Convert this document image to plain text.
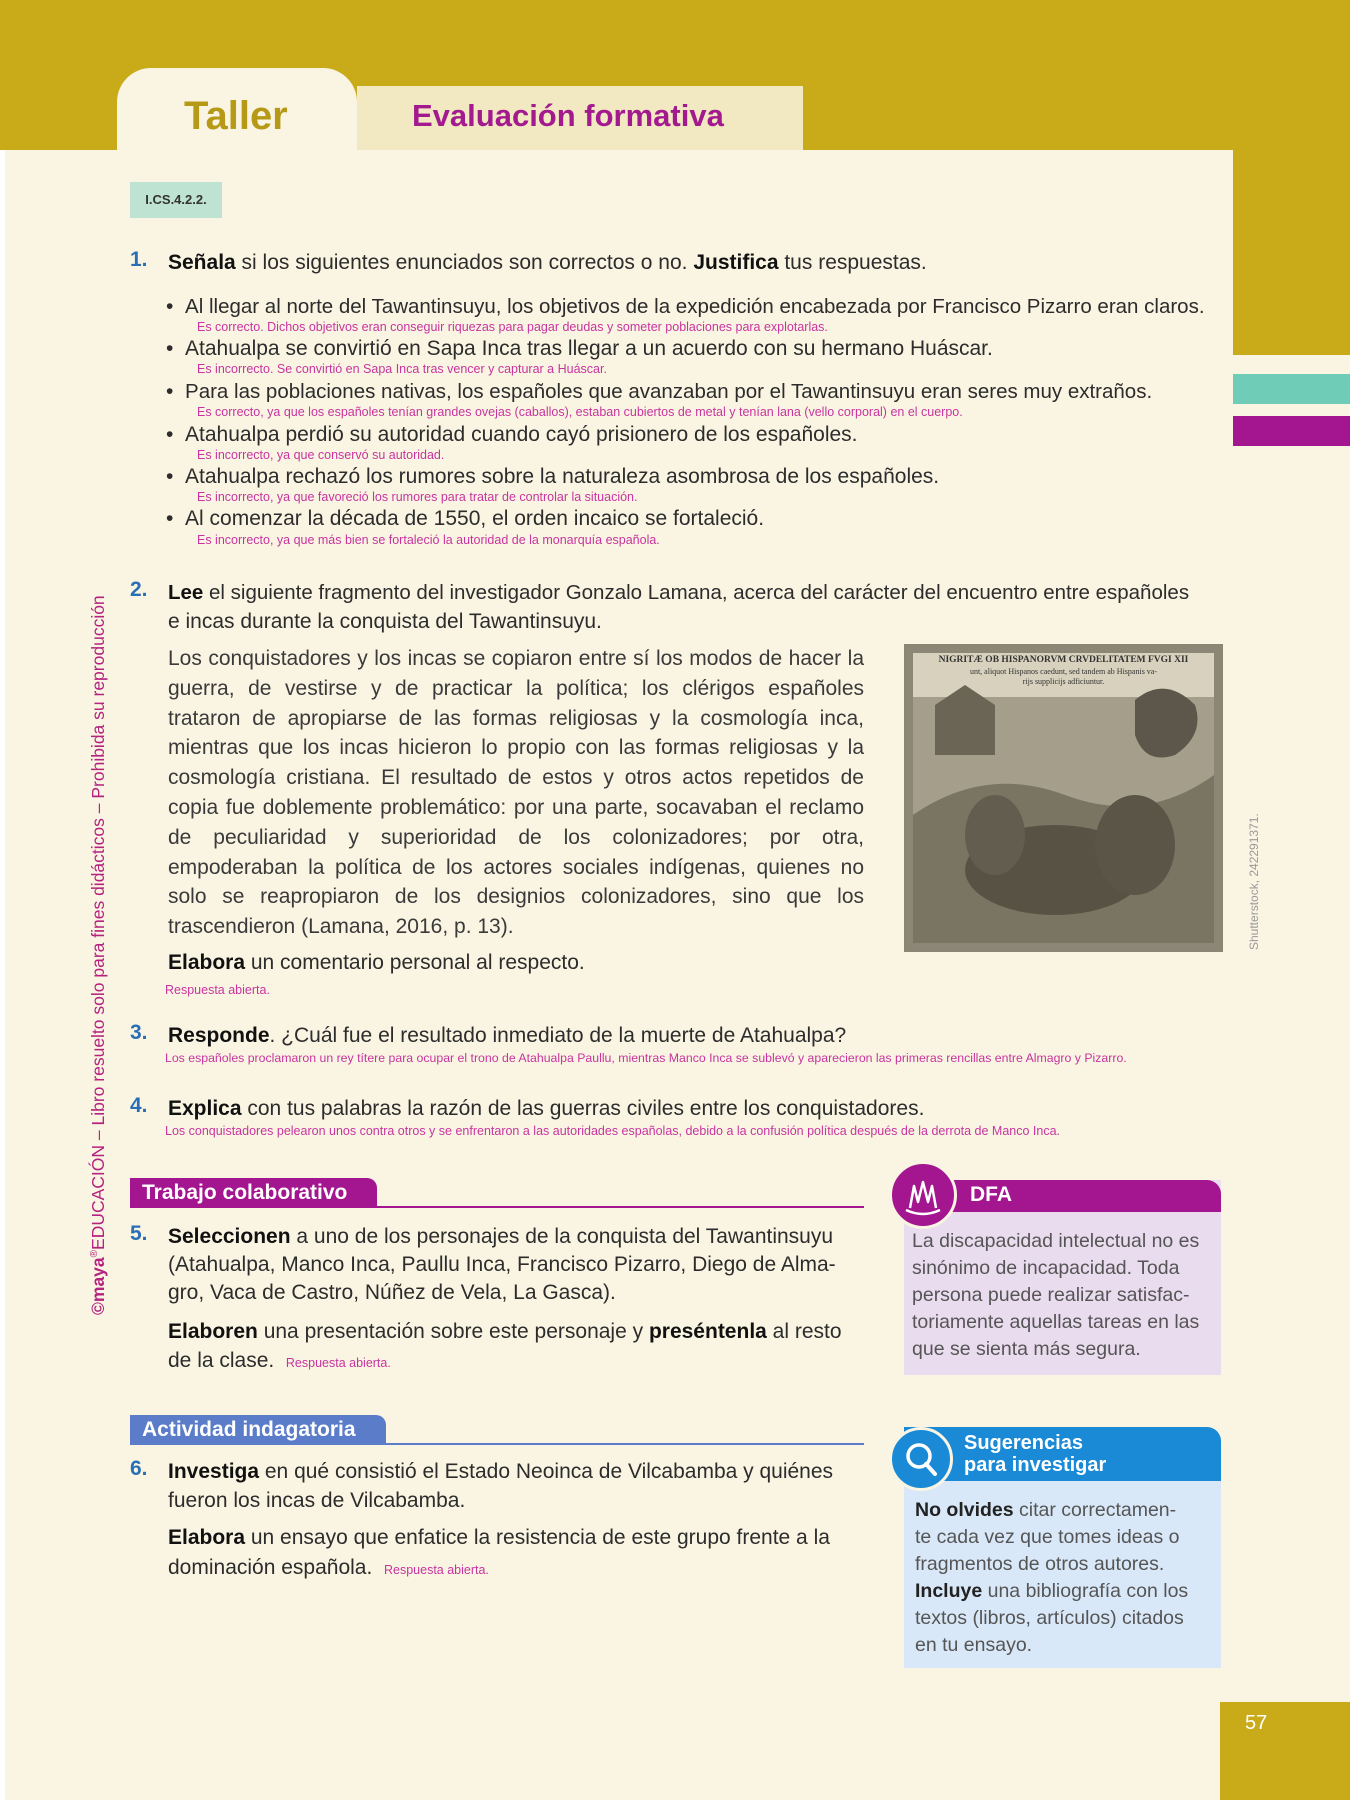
Taller	Evaluación formativa
I.CS.4.2.2.
©maya®EDUCACIÓN – Libro resuelto solo para fines didácticos – Prohibida su reproducción
1. Señala si los siguientes enunciados son correctos o no. Justifica tus respuestas.
•  Al llegar al norte del Tawantinsuyu, los objetivos de la expedición encabezada por Francisco Pizarro eran claros.
Es correcto. Dichos objetivos eran conseguir riquezas para pagar deudas y someter poblaciones para explotarlas.
•  Atahualpa se convirtió en Sapa Inca tras llegar a un acuerdo con su hermano Huáscar.
Es incorrecto. Se convirtió en Sapa Inca tras vencer y capturar a Huáscar.
•  Para las poblaciones nativas, los españoles que avanzaban por el Tawantinsuyu eran seres muy extraños.
Es correcto, ya que los españoles tenían grandes ovejas (caballos), estaban cubiertos de metal y tenían lana (vello corporal) en el cuerpo.
•  Atahualpa perdió su autoridad cuando cayó prisionero de los españoles.
Es incorrecto, ya que conservó su autoridad.
•  Atahualpa rechazó los rumores sobre la naturaleza asombrosa de los españoles.
Es incorrecto, ya que favoreció los rumores para tratar de controlar la situación.
•  Al comenzar la década de 1550, el orden incaico se fortaleció.
Es incorrecto, ya que más bien se fortaleció la autoridad de la monarquía española.
2. Lee el siguiente fragmento del investigador Gonzalo Lamana, acerca del carácter del encuentro entre españoles
e incas durante la conquista del Tawantinsuyu.
Los conquistadores y los incas se copiaron entre sí los modos de hacer la guerra, de vestirse y de practicar la política; los clérigos españoles trataron de apropiarse de las formas religiosas y la cosmología inca, mientras que los incas hicieron lo propio con las formas religiosas y la cosmología cristiana. El resultado de estos y otros actos repetidos de copia fue doblemente problemático: por una parte, socavaban el reclamo de peculiaridad y superioridad de los colonizadores; por otra, empoderaban la política de los actores sociales indígenas, quienes no solo se reapropiaron de los designios colonizadores, sino que los trascendieron (Lamana, 2016, p. 13).
NIGRITÆ OB HISPANORVM CRVDELITATEM FVGI XII
unt, aliquot Hispanos caedunt, sed tandem ab Hispanis va-
rijs supplicijs adficiuntur.
Shutterstock, 242291371.
Elabora un comentario personal al respecto.
Respuesta abierta.
3. Responde. ¿Cuál fue el resultado inmediato de la muerte de Atahualpa?
Los españoles proclamaron un rey títere para ocupar el trono de Atahualpa Paullu, mientras Manco Inca se sublevó y aparecieron las primeras rencillas entre Almagro y Pizarro.
4. Explica con tus palabras la razón de las guerras civiles entre los conquistadores.
Los conquistadores pelearon unos contra otros y se enfrentaron a las autoridades españolas, debido a la confusión política después de la derrota de Manco Inca.
Trabajo colaborativo
5. Seleccionen a uno de los personajes de la conquista del Tawantinsuyu
(Atahualpa, Manco Inca, Paullu Inca, Francisco Pizarro, Diego de Alma-
gro, Vaca de Castro, Núñez de Vela, La Gasca).
Elaboren una presentación sobre este personaje y preséntenla al resto
de la clase. Respuesta abierta.
DFA
La discapacidad intelectual no es
sinónimo de incapacidad. Toda
persona puede realizar satisfac-
toriamente aquellas tareas en las
que se sienta más segura.
Actividad indagatoria
6. Investiga en qué consistió el Estado Neoinca de Vilcabamba y quiénes
fueron los incas de Vilcabamba.
Elabora un ensayo que enfatice la resistencia de este grupo frente a la
dominación española. Respuesta abierta.
Sugerencias
para investigar
No olvides citar correctamen-
te cada vez que tomes ideas o
fragmentos de otros autores.
Incluye una bibliografía con los
textos (libros, artículos) citados
en tu ensayo.
57
